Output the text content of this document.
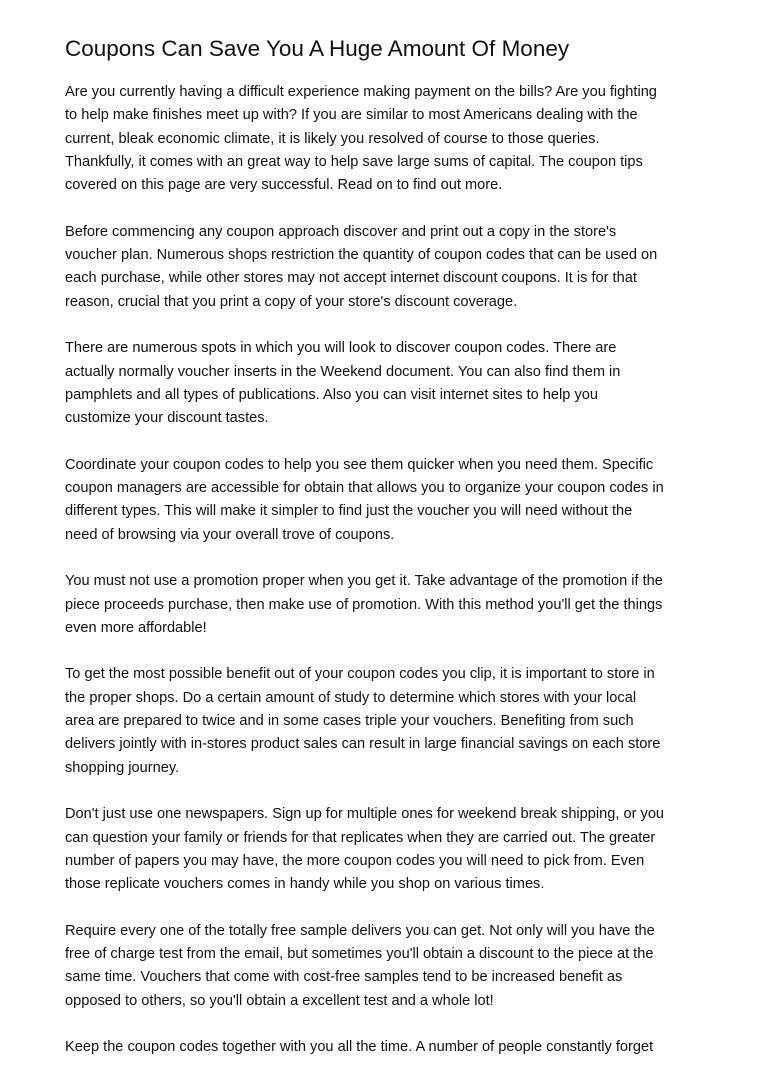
Coupons Can Save You A Huge Amount Of Money

Are you currently having a difficult experience making payment on the bills? Are you fighting
to help make finishes meet up with? If you are similar to most Americans dealing with the
current, bleak economic climate, it is likely you resolved of course to those queries.
Thankfully, it comes with an great way to help save large sums of capital. The coupon tips
covered on this page are very successful. Read on to find out more.

Before commencing any coupon approach discover and print out a copy in the store's
voucher plan. Numerous shops restriction the quantity of coupon codes that can be used on
each purchase, while other stores may not accept internet discount coupons. It is for that
reason, crucial that you print a copy of your store's discount coverage.

There are numerous spots in which you will look to discover coupon codes. There are
actually normally voucher inserts in the Weekend document. You can also find them in
pamphlets and all types of publications. Also you can visit internet sites to help you
customize your discount tastes.

Coordinate your coupon codes to help you see them quicker when you need them. Specific
coupon managers are accessible for obtain that allows you to organize your coupon codes in
different types. This will make it simpler to find just the voucher you will need without the
need of browsing via your overall trove of coupons.

You must not use a promotion proper when you get it. Take advantage of the promotion if the
piece proceeds purchase, then make use of promotion. With this method you'll get the things
even more affordable!

To get the most possible benefit out of your coupon codes you clip, it is important to store in
the proper shops. Do a certain amount of study to determine which stores with your local
area are prepared to twice and in some cases triple your vouchers. Benefiting from such
delivers jointly with in-stores product sales can result in large financial savings on each store
shopping journey.

Don't just use one newspapers. Sign up for multiple ones for weekend break shipping, or you
can question your family or friends for that replicates when they are carried out. The greater
number of papers you may have, the more coupon codes you will need to pick from. Even
those replicate vouchers comes in handy while you shop on various times.

Require every one of the totally free sample delivers you can get. Not only will you have the
free of charge test from the email, but sometimes you'll obtain a discount to the piece at the
same time. Vouchers that come with cost-free samples tend to be increased benefit as
opposed to others, so you'll obtain a excellent test and a whole lot!

Keep the coupon codes together with you all the time. A number of people constantly forget
